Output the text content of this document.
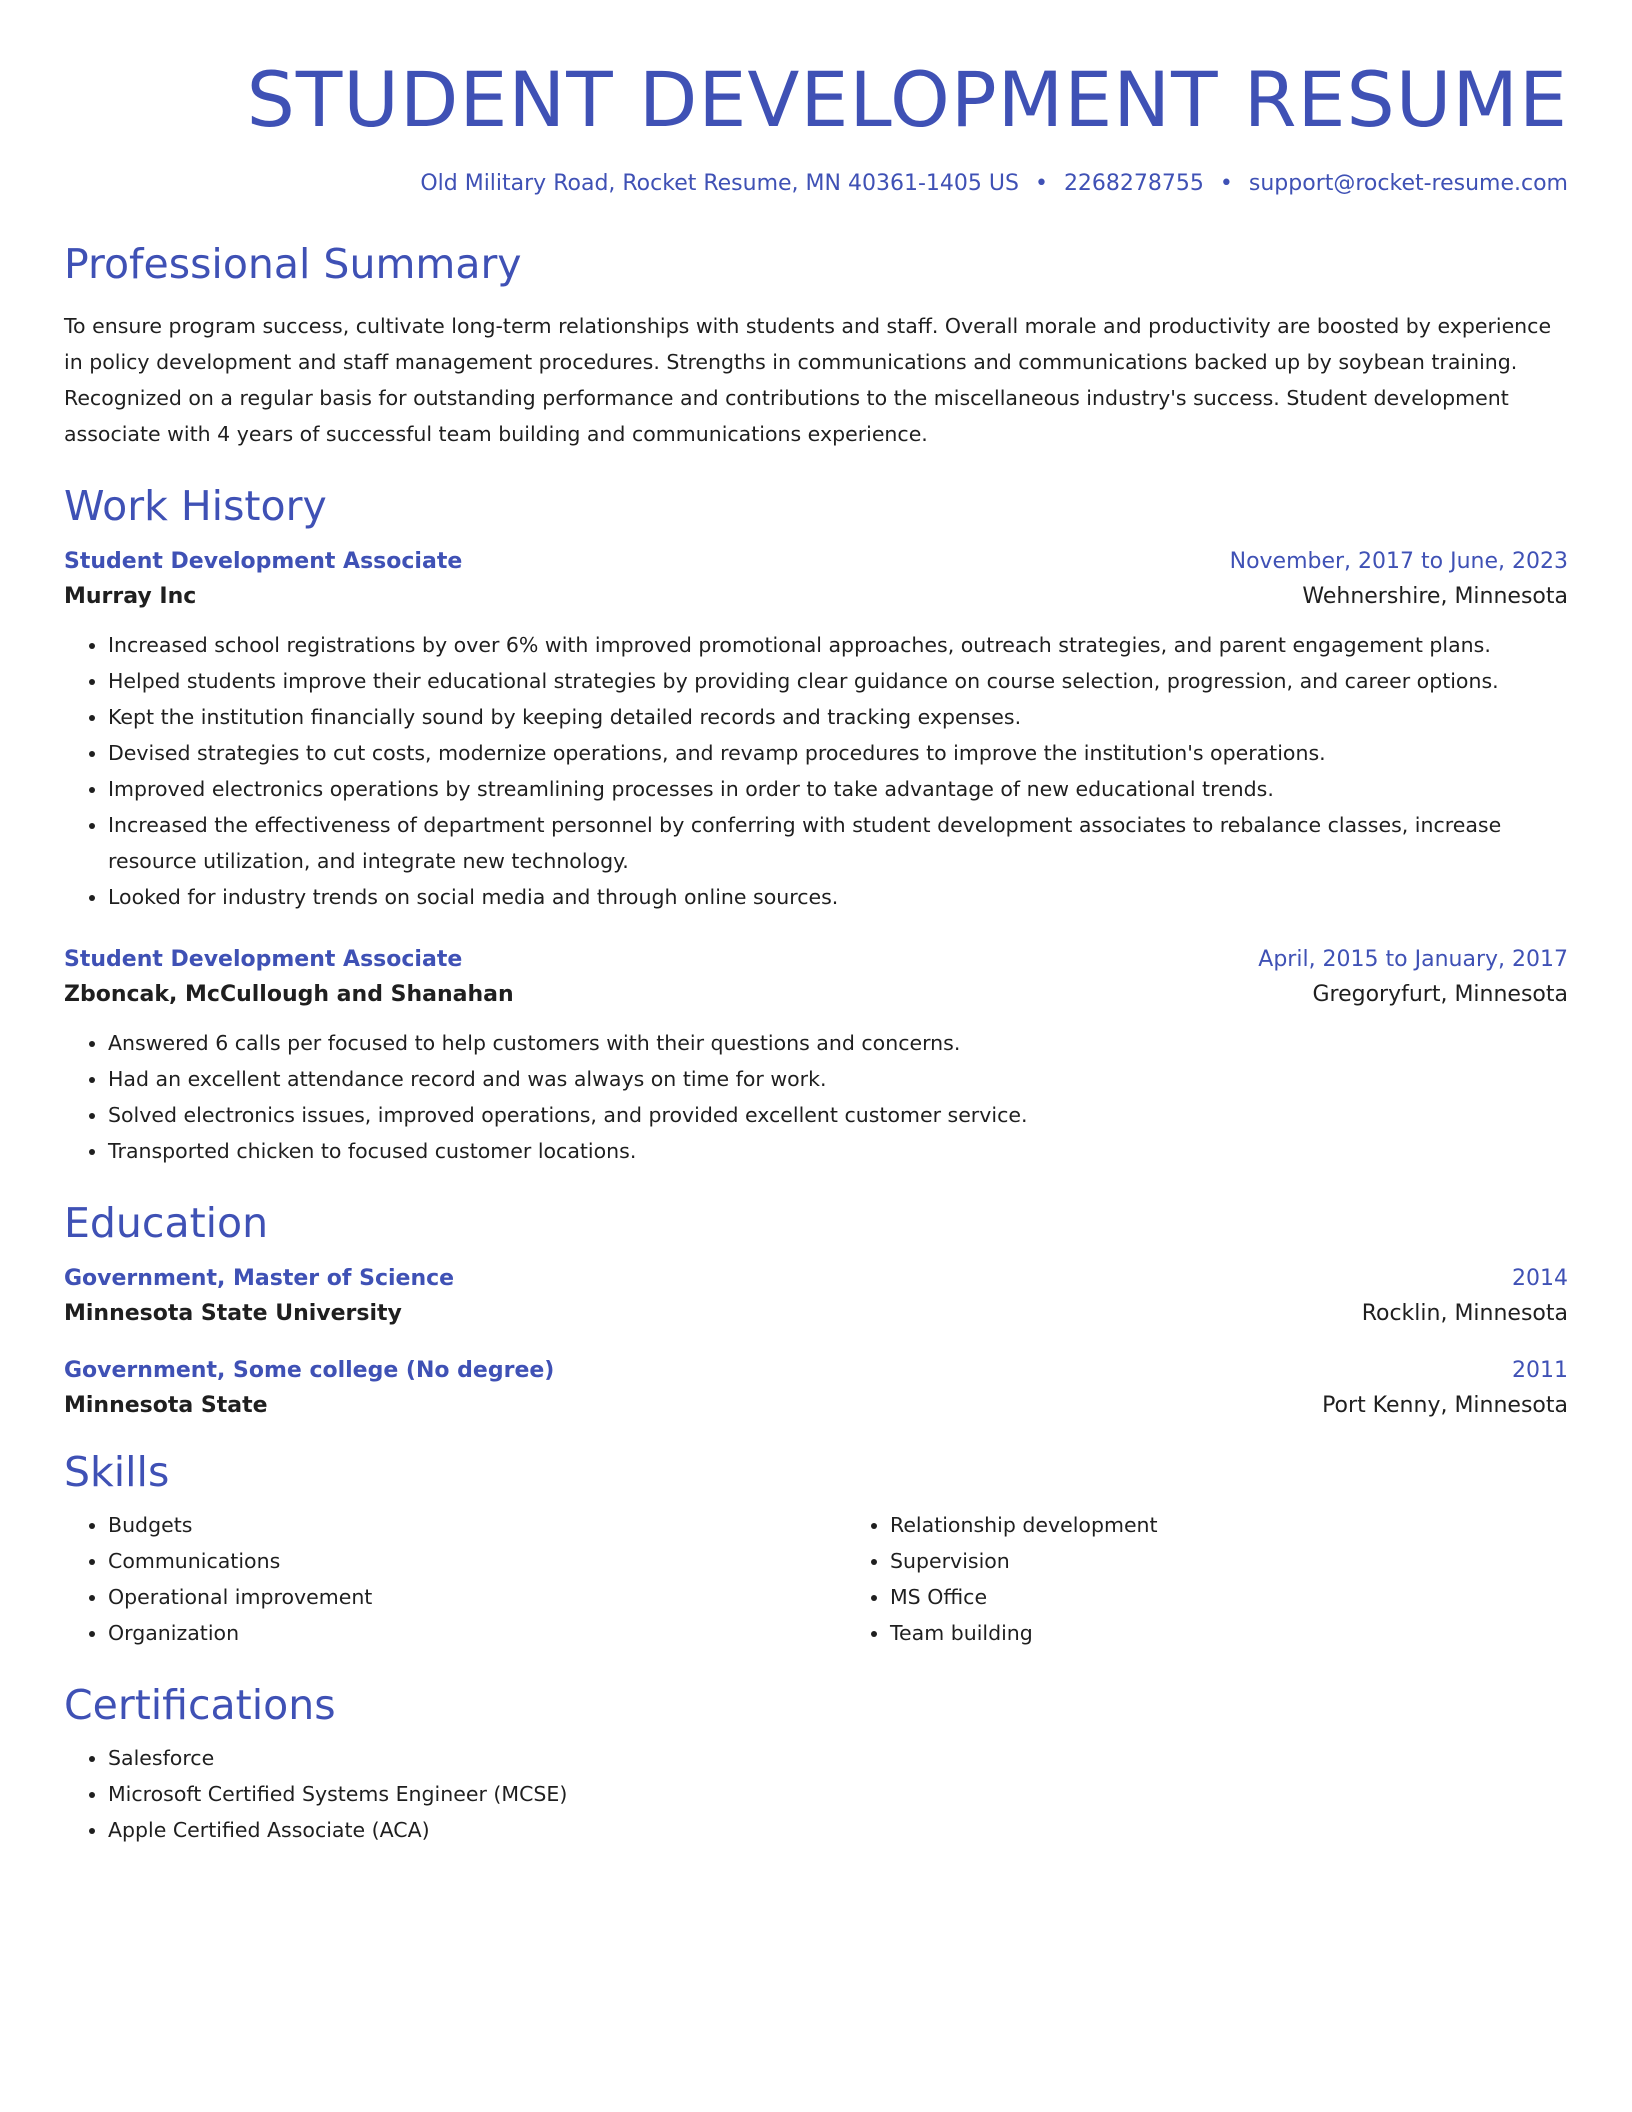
STUDENT DEVELOPMENT RESUME
Old Military Road, Rocket Resume, MN 40361-1405 US • 2268278755 • support@rocket-resume.com
Professional Summary
To ensure program success, cultivate long-term relationships with students and staff. Overall morale and productivity are boosted by experience in policy development and staff management procedures. Strengths in communications and communications backed up by soybean training. Recognized on a regular basis for outstanding performance and contributions to the miscellaneous industry's success. Student development associate with 4 years of successful team building and communications experience.
Work History
Student Development Associate	November, 2017 to June, 2023
Murray Inc	Wehnershire, Minnesota
• Increased school registrations by over 6% with improved promotional approaches, outreach strategies, and parent engagement plans.
• Helped students improve their educational strategies by providing clear guidance on course selection, progression, and career options.
• Kept the institution financially sound by keeping detailed records and tracking expenses.
• Devised strategies to cut costs, modernize operations, and revamp procedures to improve the institution's operations.
• Improved electronics operations by streamlining processes in order to take advantage of new educational trends.
• Increased the effectiveness of department personnel by conferring with student development associates to rebalance classes, increase resource utilization, and integrate new technology.
• Looked for industry trends on social media and through online sources.
Student Development Associate	April, 2015 to January, 2017
Zboncak, McCullough and Shanahan	Gregoryfurt, Minnesota
• Answered 6 calls per focused to help customers with their questions and concerns.
• Had an excellent attendance record and was always on time for work.
• Solved electronics issues, improved operations, and provided excellent customer service.
• Transported chicken to focused customer locations.
Education
Government, Master of Science	2014
Minnesota State University	Rocklin, Minnesota
Government, Some college (No degree)	2011
Minnesota State	Port Kenny, Minnesota
Skills
• Budgets
• Communications
• Operational improvement
• Organization
• Relationship development
• Supervision
• MS Office
• Team building
Certifications
• Salesforce
• Microsoft Certified Systems Engineer (MCSE)
• Apple Certified Associate (ACA)
